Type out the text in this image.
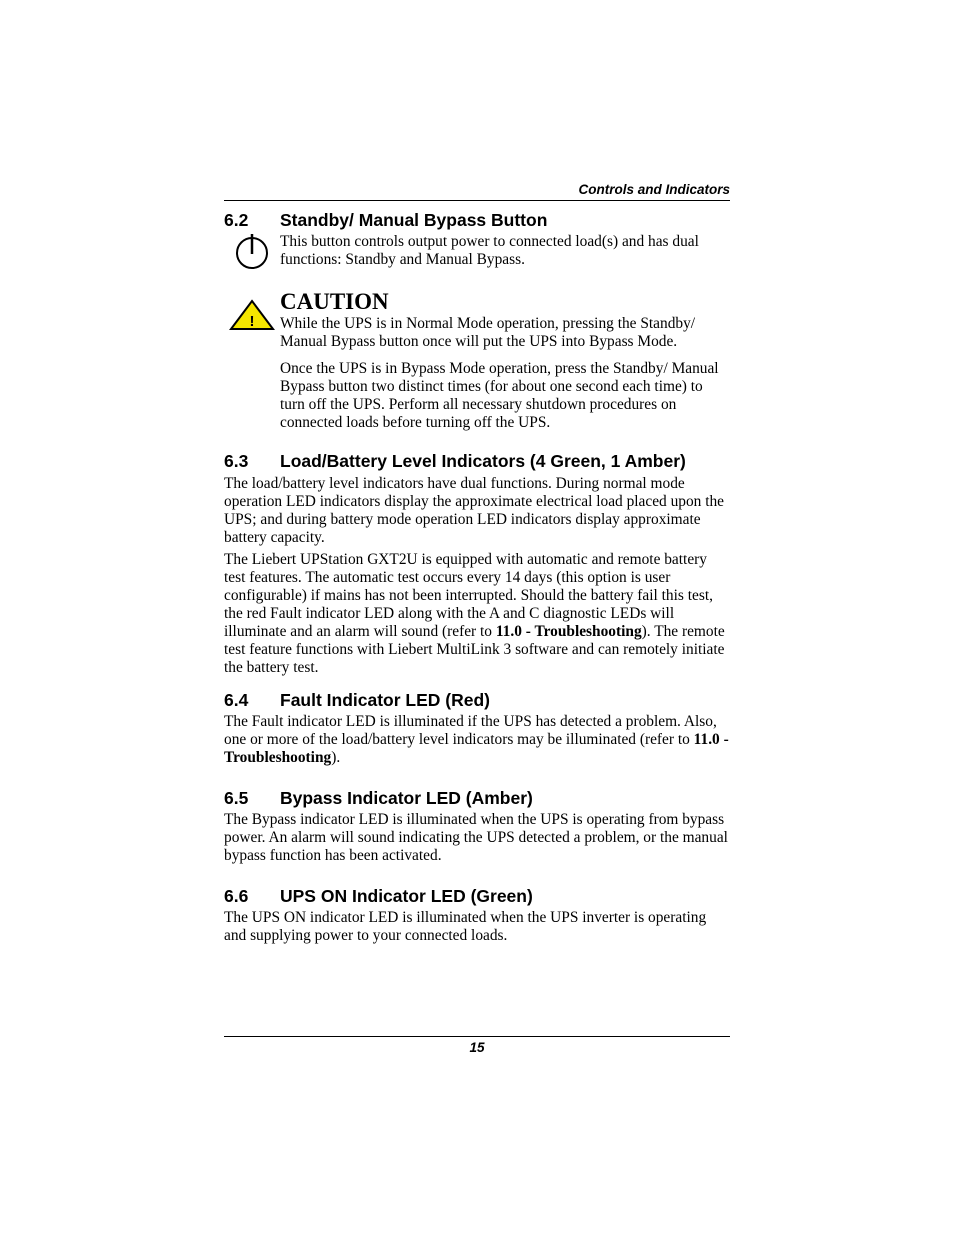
Controls and Indicators
6.2	Standby/ Manual Bypass Button

This button controls output power to connected load(s) and has dual functions: Standby and Manual Bypass.

!
CAUTION

While the UPS is in Normal Mode operation, pressing the Standby/ Manual Bypass button once will put the UPS into Bypass Mode.

Once the UPS is in Bypass Mode operation, press the Standby/ Manual Bypass button two distinct times (for about one second each time) to turn off the UPS. Perform all necessary shutdown procedures on connected loads before turning off the UPS.

6.3	Load/Battery Level Indicators (4 Green, 1 Amber)

The load/battery level indicators have dual functions. During normal mode operation LED indicators display the approximate electrical load placed upon the UPS; and during battery mode operation LED indicators display approximate battery capacity.

The Liebert UPStation GXT2U is equipped with automatic and remote battery test features. The automatic test occurs every 14 days (this option is user configurable) if mains has not been interrupted. Should the battery fail this test, the red Fault indicator LED along with the A and C diagnostic LEDs will illuminate and an alarm will sound (refer to 11.0 - Troubleshooting). The remote test feature functions with Liebert MultiLink 3 software and can remotely initiate the battery test.

6.4	Fault Indicator LED (Red)

The Fault indicator LED is illuminated if the UPS has detected a problem. Also, one or more of the load/battery level indicators may be illuminated (refer to 11.0 - Troubleshooting).

6.5	Bypass Indicator LED (Amber)

The Bypass indicator LED is illuminated when the UPS is operating from bypass power. An alarm will sound indicating the UPS detected a problem, or the manual bypass function has been activated.

6.6	UPS ON Indicator LED (Green)

The UPS ON indicator LED is illuminated when the UPS inverter is operating and supplying power to your connected loads.

15
